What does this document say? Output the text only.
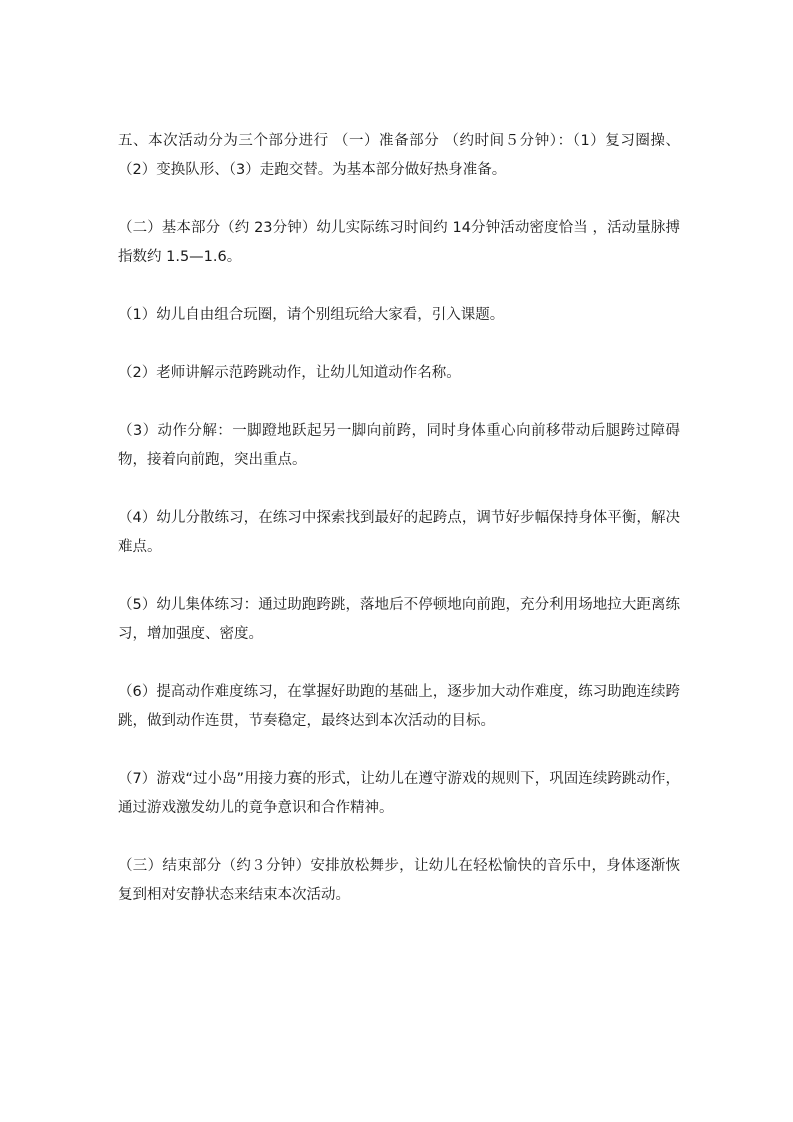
五、本次活动分为三个部分进行 （一）准备部分 （约时间５分钟）：（1）复习圈操、（2）变换队形、（3）走跑交替。为基本部分做好热身准备。

（二）基本部分（约 23分钟）幼儿实际练习时间约 14分钟活动密度恰当 ，活动量脉搏指数约 1.5—1.6。

（1）幼儿自由组合玩圈，请个别组玩给大家看，引入课题。

（2）老师讲解示范跨跳动作，让幼儿知道动作名称。

（3）动作分解：一脚蹬地跃起另一脚向前跨，同时身体重心向前移带动后腿跨过障碍物，接着向前跑，突出重点。

（4）幼儿分散练习，在练习中探索找到最好的起跨点，调节好步幅保持身体平衡，解决难点。

（5）幼儿集体练习：通过助跑跨跳，落地后不停顿地向前跑，充分利用场地拉大距离练习，增加强度、密度。

（6）提高动作难度练习，在掌握好助跑的基础上，逐步加大动作难度，练习助跑连续跨跳，做到动作连贯，节奏稳定，最终达到本次活动的目标。

（7）游戏“过小岛”用接力赛的形式，让幼儿在遵守游戏的规则下，巩固连续跨跳动作，通过游戏激发幼儿的竟争意识和合作精神。

（三）结束部分（约３分钟）安排放松舞步，让幼儿在轻松愉快的音乐中，身体逐渐恢复到相对安静状态来结束本次活动。
